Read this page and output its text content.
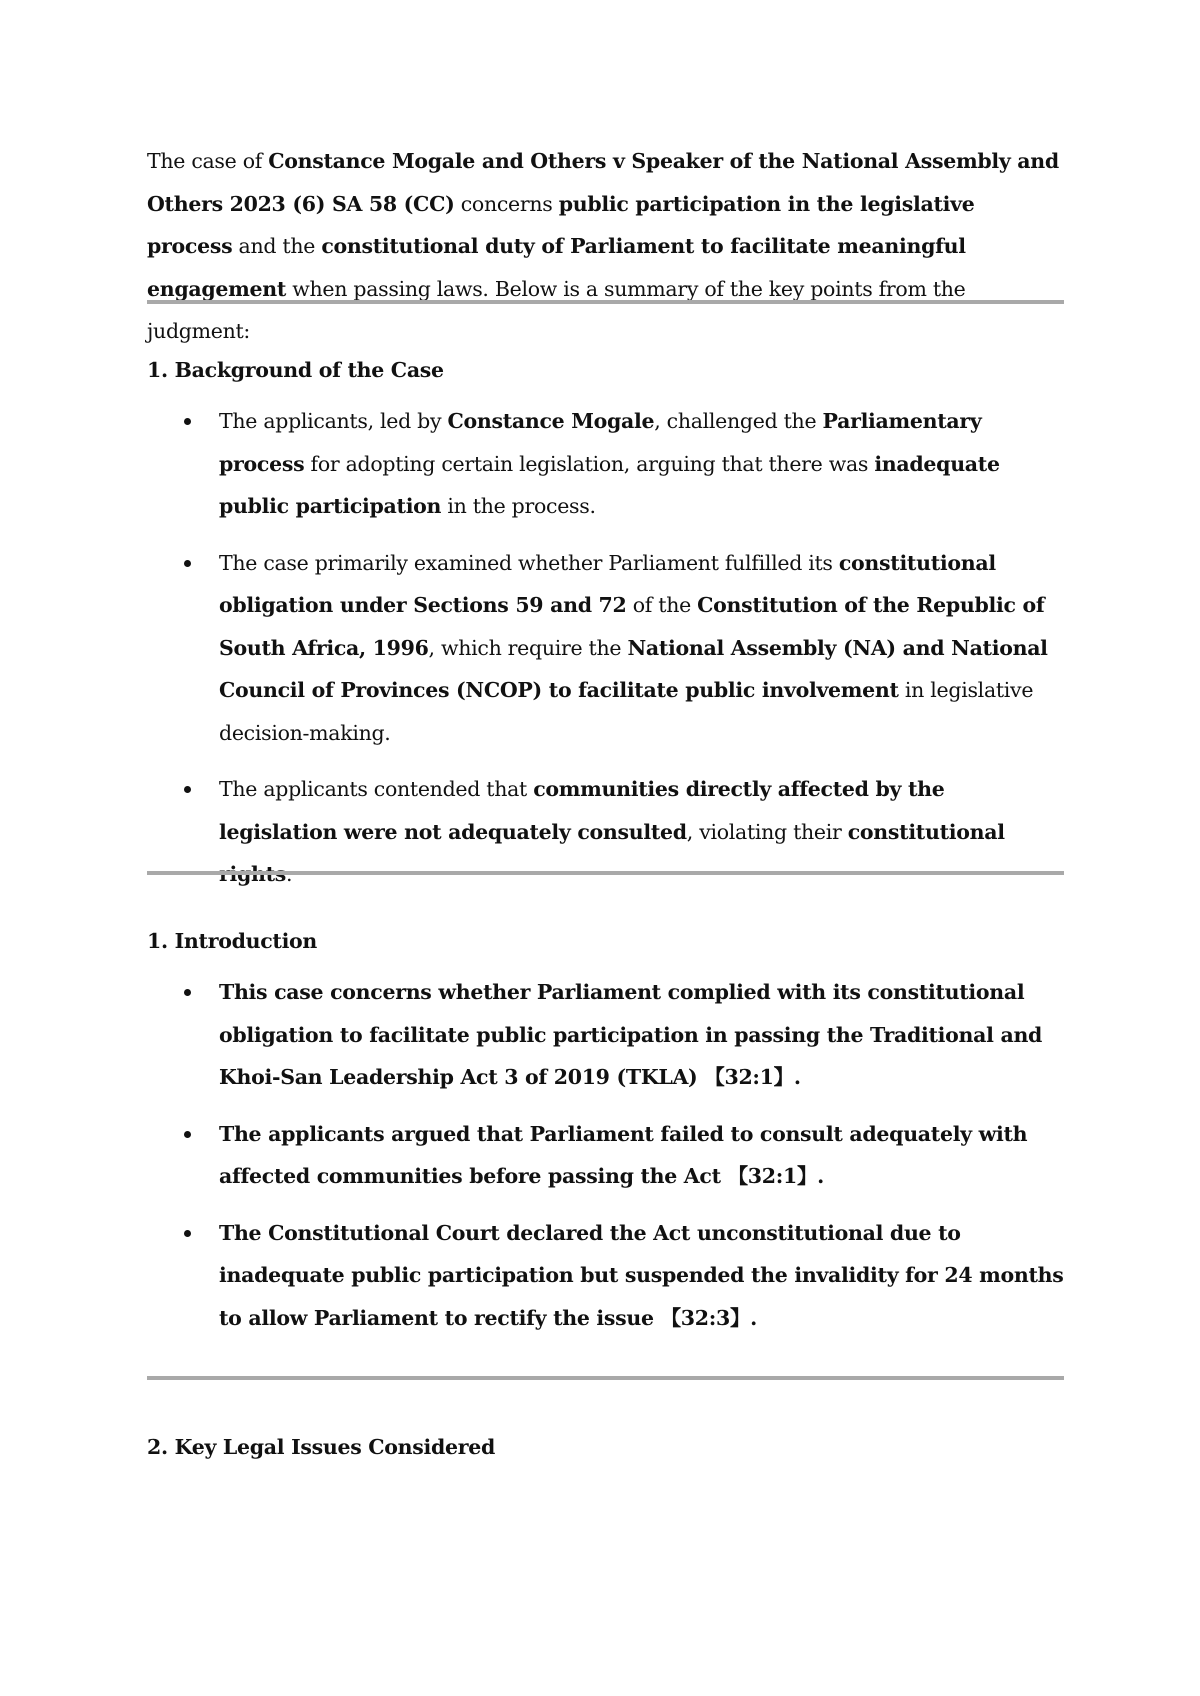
The case of Constance Mogale and Others v Speaker of the National Assembly and Others 2023 (6) SA 58 (CC) concerns public participation in the legislative process and the constitutional duty of Parliament to facilitate meaningful engagement when passing laws. Below is a summary of the key points from the judgment:

1. Background of the Case
The applicants, led by Constance Mogale, challenged the Parliamentary process for adopting certain legislation, arguing that there was inadequate public participation in the process.
The case primarily examined whether Parliament fulfilled its constitutional obligation under Sections 59 and 72 of the Constitution of the Republic of South Africa, 1996, which require the National Assembly (NA) and National Council of Provinces (NCOP) to facilitate public involvement in legislative decision-making.
The applicants contended that communities directly affected by the legislation were not adequately consulted, violating their constitutional
1. Introduction
This case concerns whether Parliament complied with its constitutional obligation to facilitate public participation in passing the Traditional and Khoi-San Leadership Act 3 of 2019 (TKLA) 【32:1】.
The applicants argued that Parliament failed to consult adequately with affected communities before passing the Act 【32:1】.
The Constitutional Court declared the Act unconstitutional due to inadequate public participation but suspended the invalidity for 24 months to allow Parliament to rectify the issue 【32:3】.
2. Key Legal Issues Considered
